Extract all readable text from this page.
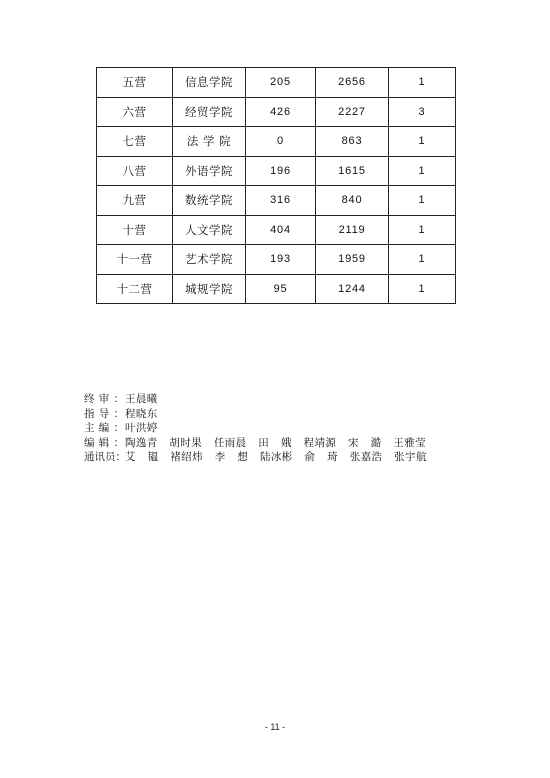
五营	信息学院	205	2656	1
六营	经贸学院	426	2227	3
七营	法 学 院	0	863	1
八营	外语学院	196	1615	1
九营	数统学院	316	840	1
十营	人文学院	404	2119	1
十一营	艺术学院	193	1959	1
十二营	城规学院	95	1244	1
终审： 王晨曦
指导： 程晓东
主编： 叶洪婷
编辑： 陶逸青 胡时果 任雨晨 田 娥 程靖源 宋 澔 王雅莹
通讯员： 艾 韫 褚绍炜 李 想 陆冰彬 俞 琦 张嘉浩 张宇航
- 11 -
